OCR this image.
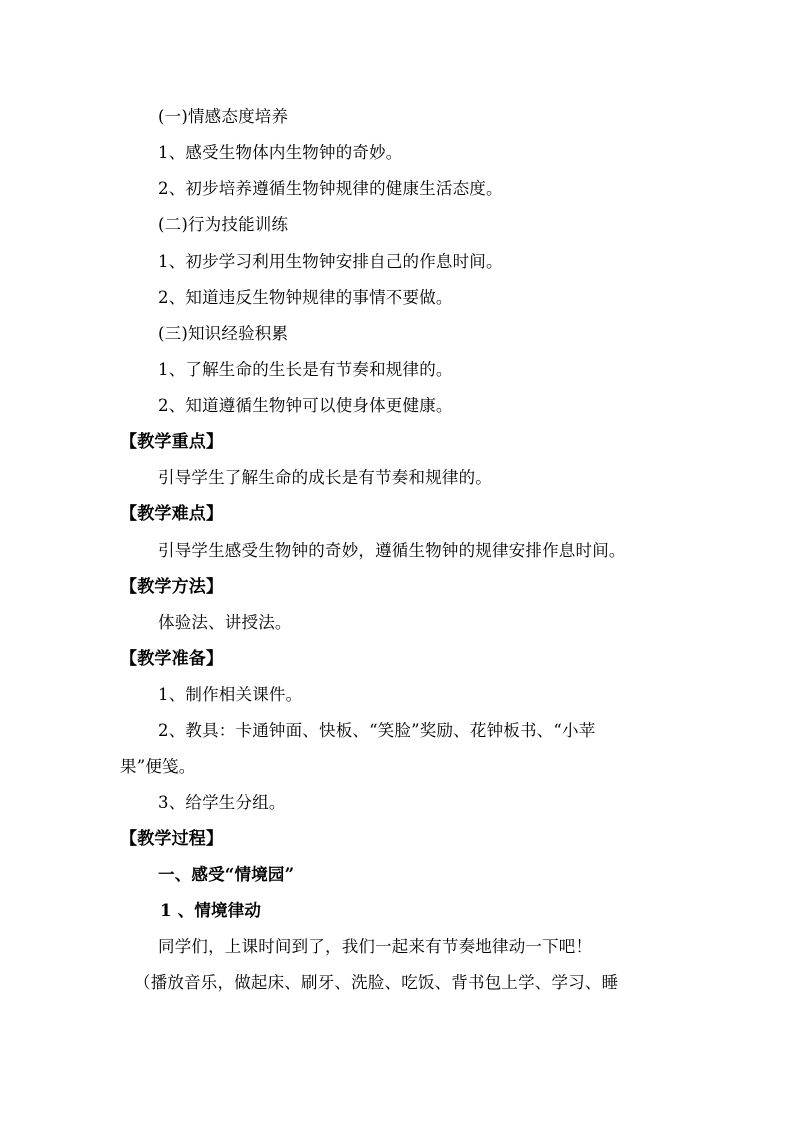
(一)情感态度培养
1、感受生物体内生物钟的奇妙。
2、初步培养遵循生物钟规律的健康生活态度。
(二)行为技能训练
1、初步学习利用生物钟安排自己的作息时间。
2、知道违反生物钟规律的事情不要做。
(三)知识经验积累
1、了解生命的生长是有节奏和规律的。
2、知道遵循生物钟可以使身体更健康。
【教学重点】
引导学生了解生命的成长是有节奏和规律的。
【教学难点】
引导学生感受生物钟的奇妙，遵循生物钟的规律安排作息时间。
【教学方法】
体验法、讲授法。
【教学准备】
1、制作相关课件。
2、教具：卡通钟面、快板、“笑脸”奖励、花钟板书、“小苹
果”便笺。
3、给学生分组。
【教学过程】
一、感受“情境园”
1 、情境律动
同学们，上课时间到了，我们一起来有节奏地律动一下吧！
（播放音乐，做起床、刷牙、洗脸、吃饭、背书包上学、学习、睡
